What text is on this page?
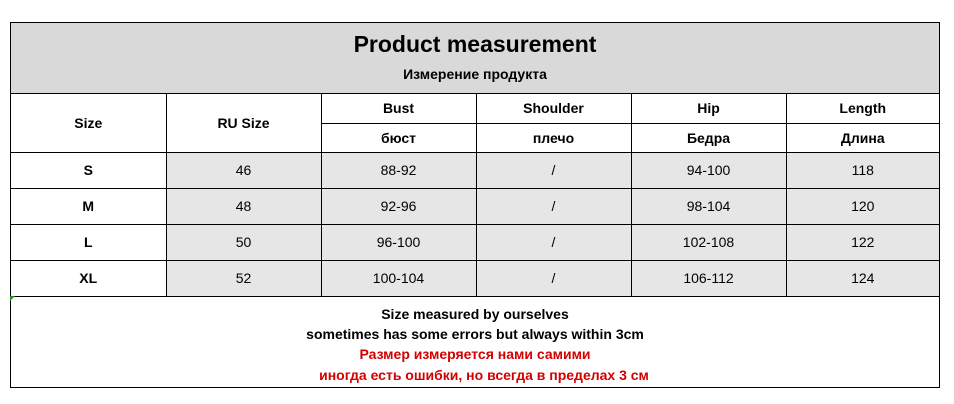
Product measurement
Измерение продукта
Size	RU Size	Bust	Shoulder	Hip	Length
		бюст	плечо	Бедра	Длина
S	46	88-92	/	94-100	118
M	48	92-96	/	98-104	120
L	50	96-100	/	102-108	122
XL	52	100-104	/	106-112	124
Size measured by ourselves
sometimes has some errors but always within 3cm
Размер измеряется нами самими
иногда есть ошибки, но всегда в пределах 3 см
